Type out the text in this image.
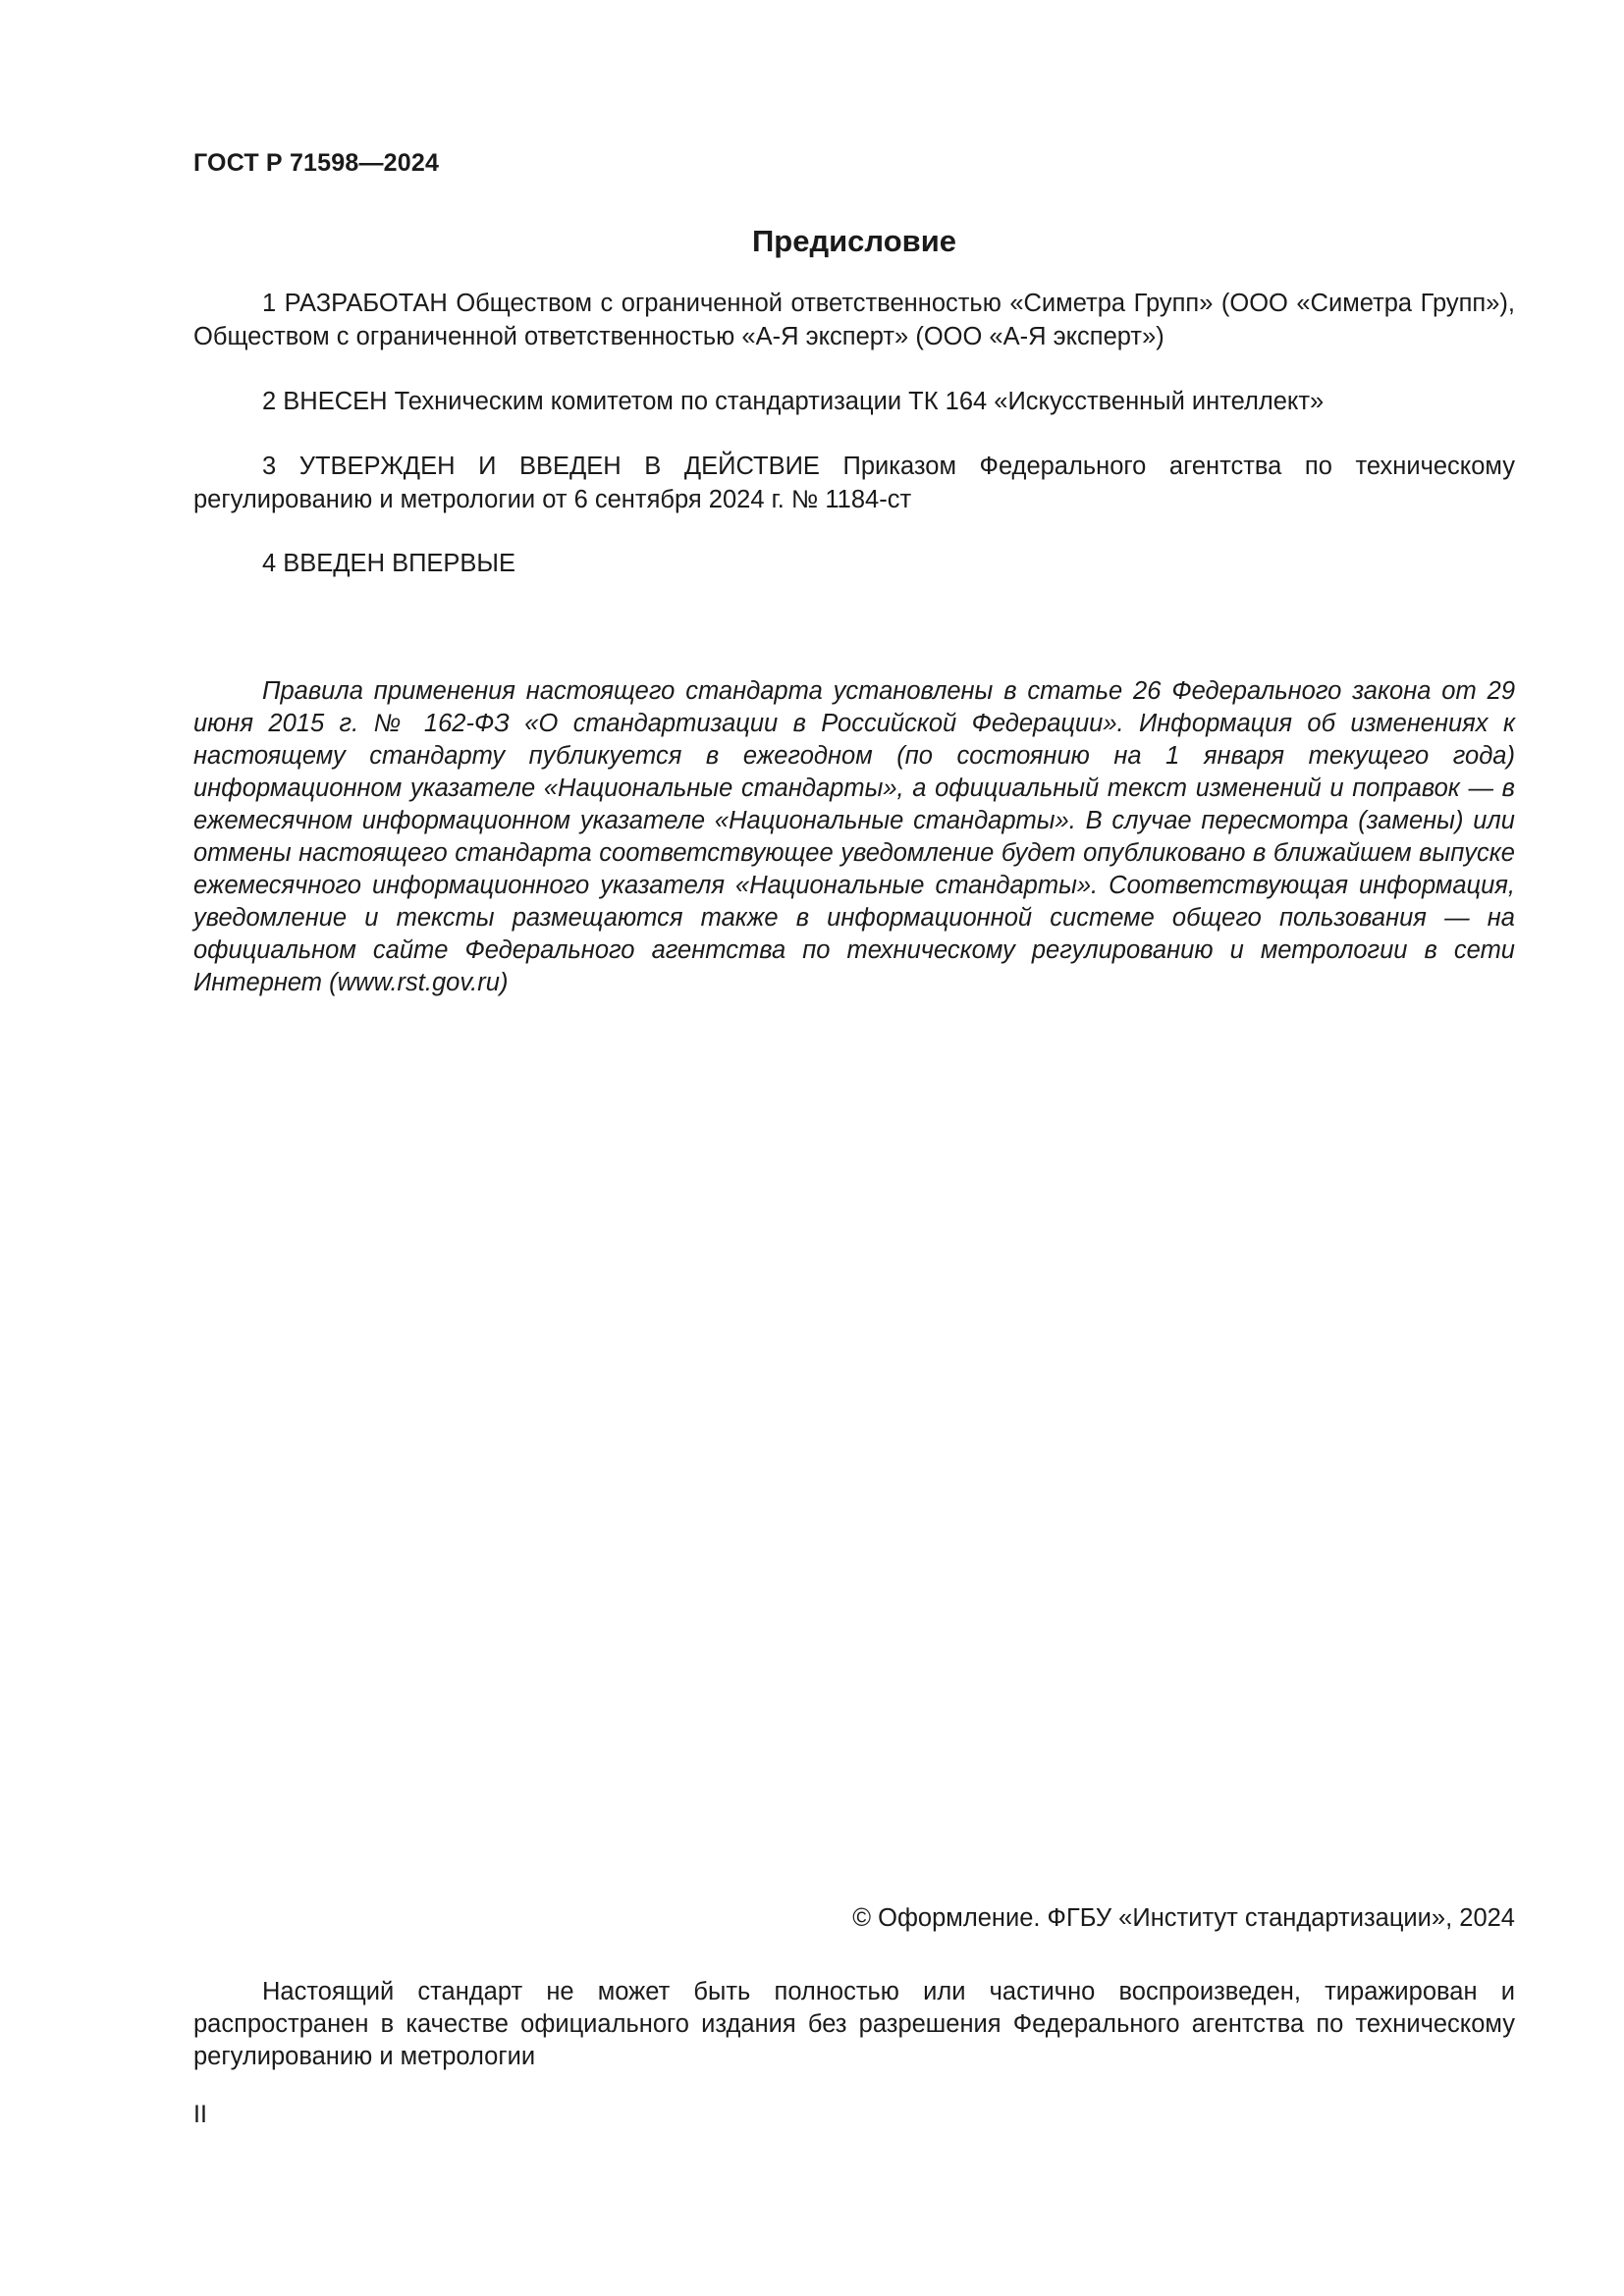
ГОСТ Р 71598—2024
Предисловие

1 РАЗРАБОТАН Обществом с ограниченной ответственностью «Симетра Групп» (ООО «Симетра Групп»), Обществом с ограниченной ответственностью «А-Я эксперт» (ООО «А-Я эксперт»)

2 ВНЕСЕН Техническим комитетом по стандартизации ТК 164 «Искусственный интеллект»

3 УТВЕРЖДЕН И ВВЕДЕН В ДЕЙСТВИЕ Приказом Федерального агентства по техническому регулированию и метрологии от 6 сентября 2024 г. № 1184-ст

4 ВВЕДЕН ВПЕРВЫЕ

Правила применения настоящего стандарта установлены в статье 26 Федерального закона от 29 июня 2015 г. № 162-ФЗ «О стандартизации в Российской Федерации». Информация об изменениях к настоящему стандарту публикуется в ежегодном (по состоянию на 1 января текущего года) информационном указателе «Национальные стандарты», а официальный текст изменений и поправок — в ежемесячном информационном указателе «Национальные стандарты». В случае пересмотра (замены) или отмены настоящего стандарта соответствующее уведомление будет опубликовано в ближайшем выпуске ежемесячного информационного указателя «Национальные стандарты». Соответствующая информация, уведомление и тексты размещаются также в информационной системе общего пользования — на официальном сайте Федерального агентства по техническому регулированию и метрологии в сети Интернет (www.rst.gov.ru)

© Оформление. ФГБУ «Институт стандартизации», 2024

Настоящий стандарт не может быть полностью или частично воспроизведен, тиражирован и распространен в качестве официального издания без разрешения Федерального агентства по техническому регулированию и метрологии

II
